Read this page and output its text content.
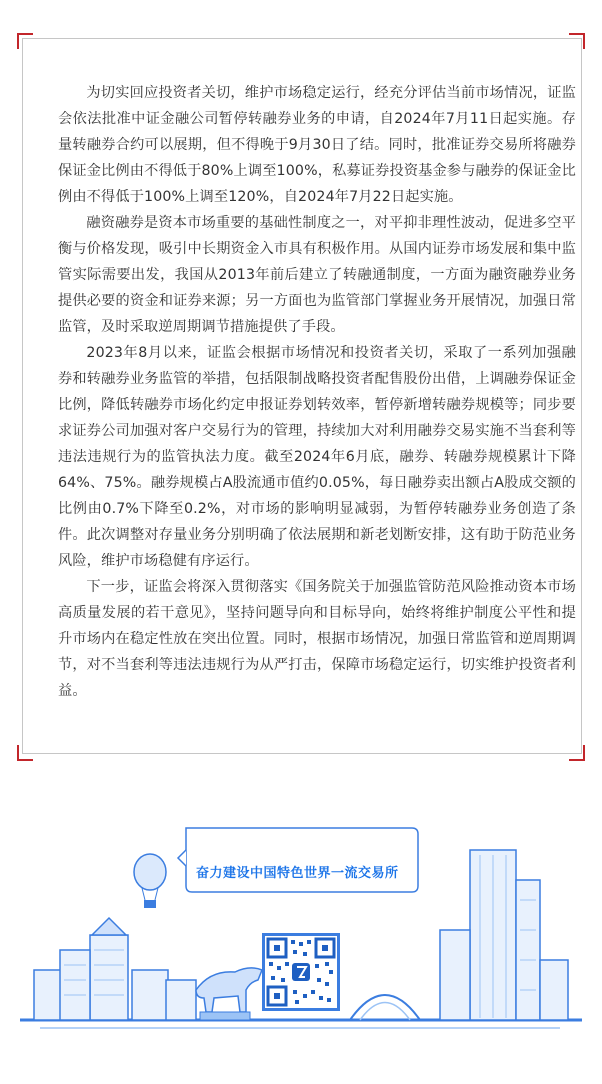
为切实回应投资者关切，维护市场稳定运行，经充分评估当前市场情况，证监会依法批准中证金融公司暂停转融券业务的申请，自2024年7月11日起实施。存量转融券合约可以展期，但不得晚于9月30日了结。同时，批准证券交易所将融券保证金比例由不得低于80%上调至100%，私募证券投资基金参与融券的保证金比例由不得低于100%上调至120%，自2024年7月22日起实施。

融资融券是资本市场重要的基础性制度之一，对平抑非理性波动，促进多空平衡与价格发现，吸引中长期资金入市具有积极作用。从国内证券市场发展和集中监管实际需要出发，我国从2013年前后建立了转融通制度，一方面为融资融券业务提供必要的资金和证券来源；另一方面也为监管部门掌握业务开展情况，加强日常监管，及时采取逆周期调节措施提供了手段。

2023年8月以来，证监会根据市场情况和投资者关切，采取了一系列加强融券和转融券业务监管的举措，包括限制战略投资者配售股份出借，上调融券保证金比例，降低转融券市场化约定申报证券划转效率，暂停新增转融券规模等；同步要求证券公司加强对客户交易行为的管理，持续加大对利用融券交易实施不当套利等违法违规行为的监管执法力度。截至2024年6月底，融券、转融券规模累计下降64%、75%。融券规模占A股流通市值约0.05%，每日融券卖出额占A股成交额的比例由0.7%下降至0.2%，对市场的影响明显减弱，为暂停转融券业务创造了条件。此次调整对存量业务分别明确了依法展期和新老划断安排，这有助于防范业务风险，维护市场稳健有序运行。

下一步，证监会将深入贯彻落实《国务院关于加强监管防范风险推动资本市场高质量发展的若干意见》，坚持问题导向和目标导向，始终将维护制度公平性和提升市场内在稳定性放在突出位置。同时，根据市场情况，加强日常监管和逆周期调节，对不当套利等违法违规行为从严打击，保障市场稳定运行，切实维护投资者利益。

奋力建设中国特色世界一流交易所
